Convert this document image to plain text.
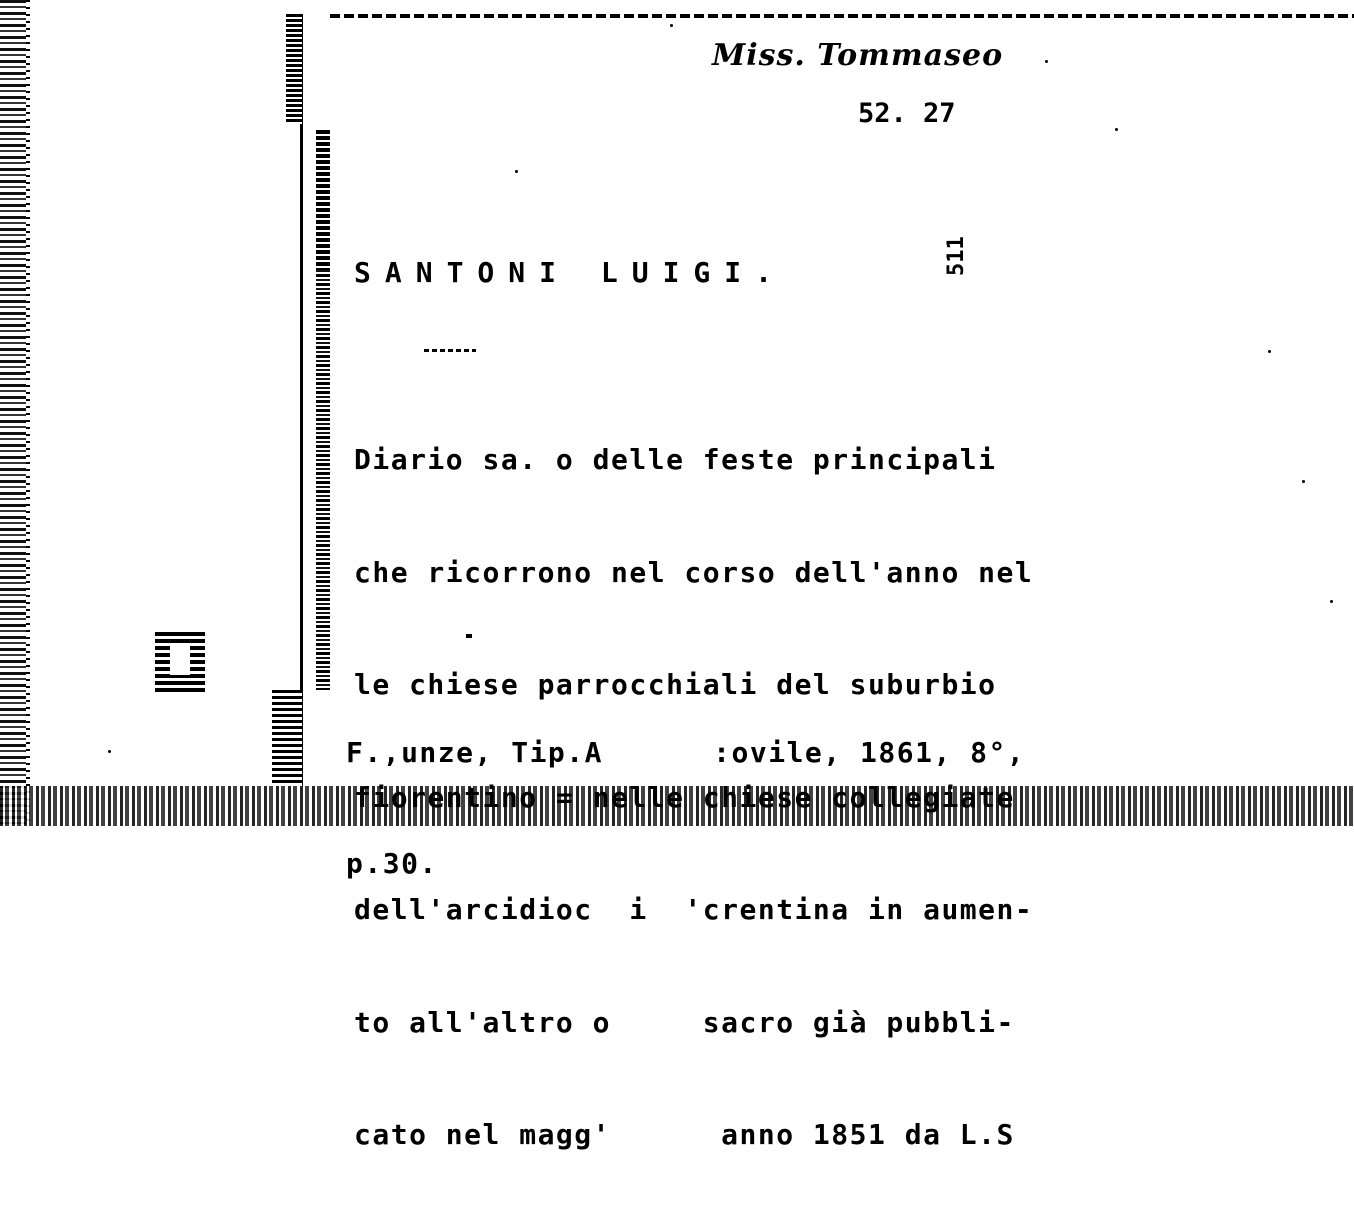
Miss. Tommaseo
52. 27
511
SANTONI LUIGI.

Diario sa. o delle feste principali

che ricorrono nel corso dell'anno nel

le chiese parrocchiali del suburbio

fiorentino = nelle chiese collegiate

dell'arcidioc  i  'crentina in aumen-

to all'altro o     sacro già pubbli-

cato nel magg'      anno 1851 da L.S

F.,unze, Tip.A      :ovile, 1861, 8°,

p.30.
